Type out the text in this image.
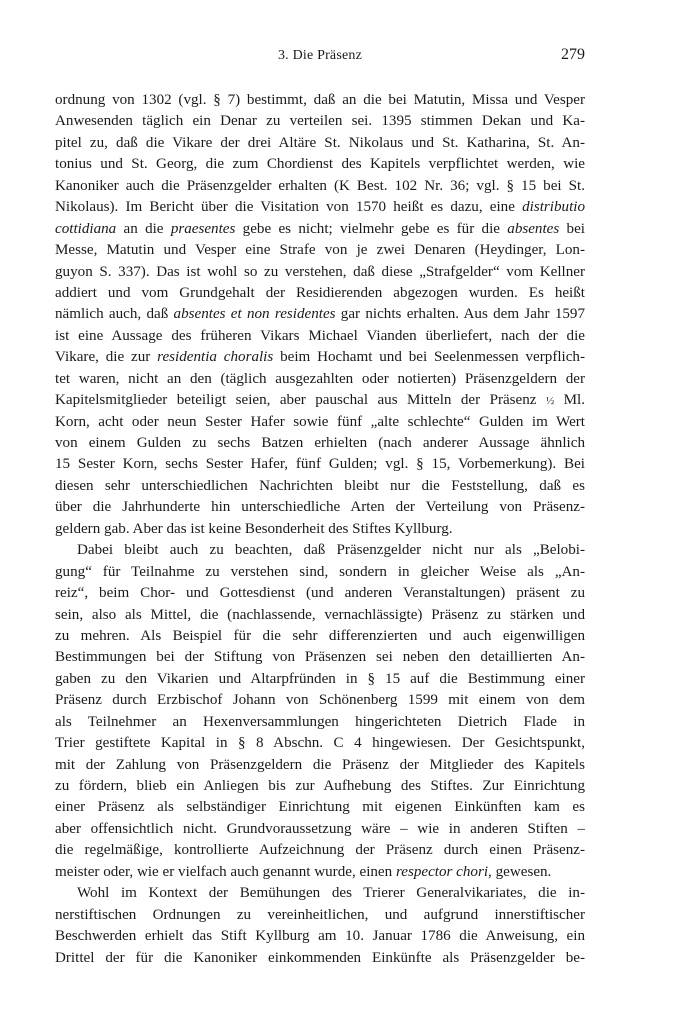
3. Die Präsenz	279
ordnung von 1302 (vgl. § 7) bestimmt, daß an die bei Matutin, Missa und Vesper
Anwesenden täglich ein Denar zu verteilen sei. 1395 stimmen Dekan und Ka-
pitel zu, daß die Vikare der drei Altäre St. Nikolaus und St. Katharina, St. An-
tonius und St. Georg, die zum Chordienst des Kapitels verpflichtet werden, wie
Kanoniker auch die Präsenzgelder erhalten (K Best. 102 Nr. 36; vgl. § 15 bei St.
Nikolaus). Im Bericht über die Visitation von 1570 heißt es dazu, eine distributio
cottidiana an die praesentes gebe es nicht; vielmehr gebe es für die absentes bei
Messe, Matutin und Vesper eine Strafe von je zwei Denaren (Heydinger, Lon-
guyon S. 337). Das ist wohl so zu verstehen, daß diese „Strafgelder“ vom Kellner
addiert und vom Grundgehalt der Residierenden abgezogen wurden. Es heißt
nämlich auch, daß absentes et non residentes gar nichts erhalten. Aus dem Jahr 1597
ist eine Aussage des früheren Vikars Michael Vianden überliefert, nach der die
Vikare, die zur residentia choralis beim Hochamt und bei Seelenmessen verpflich-
tet waren, nicht an den (täglich ausgezahlten oder notierten) Präsenzgeldern der
Kapitelsmitglieder beteiligt seien, aber pauschal aus Mitteln der Präsenz ½ Ml.
Korn, acht oder neun Sester Hafer sowie fünf „alte schlechte“ Gulden im Wert
von einem Gulden zu sechs Batzen erhielten (nach anderer Aussage ähnlich
15 Sester Korn, sechs Sester Hafer, fünf Gulden; vgl. § 15, Vorbemerkung). Bei
diesen sehr unterschiedlichen Nachrichten bleibt nur die Feststellung, daß es
über die Jahrhunderte hin unterschiedliche Arten der Verteilung von Präsenz-
geldern gab. Aber das ist keine Besonderheit des Stiftes Kyllburg.
Dabei bleibt auch zu beachten, daß Präsenzgelder nicht nur als „Belobi-
gung“ für Teilnahme zu verstehen sind, sondern in gleicher Weise als „An-
reiz“, beim Chor- und Gottesdienst (und anderen Veranstaltungen) präsent zu
sein, also als Mittel, die (nachlassende, vernachlässigte) Präsenz zu stärken und
zu mehren. Als Beispiel für die sehr differenzierten und auch eigenwilligen
Bestimmungen bei der Stiftung von Präsenzen sei neben den detaillierten An-
gaben zu den Vikarien und Altarpfründen in § 15 auf die Bestimmung einer
Präsenz durch Erzbischof Johann von Schönenberg 1599 mit einem von dem
als Teilnehmer an Hexenversammlungen hingerichteten Dietrich Flade in
Trier gestiftete Kapital in § 8 Abschn. C 4 hingewiesen. Der Gesichtspunkt,
mit der Zahlung von Präsenzgeldern die Präsenz der Mitglieder des Kapitels
zu fördern, blieb ein Anliegen bis zur Aufhebung des Stiftes. Zur Einrichtung
einer Präsenz als selbständiger Einrichtung mit eigenen Einkünften kam es
aber offensichtlich nicht. Grundvoraussetzung wäre – wie in anderen Stiften –
die regelmäßige, kontrollierte Aufzeichnung der Präsenz durch einen Präsenz-
meister oder, wie er vielfach auch genannt wurde, einen respector chori, gewesen.
Wohl im Kontext der Bemühungen des Trierer Generalvikariates, die in-
nerstiftischen Ordnungen zu vereinheitlichen, und aufgrund innerstiftischer
Beschwerden erhielt das Stift Kyllburg am 10. Januar 1786 die Anweisung, ein
Drittel der für die Kanoniker einkommenden Einkünfte als Präsenzgelder be-
